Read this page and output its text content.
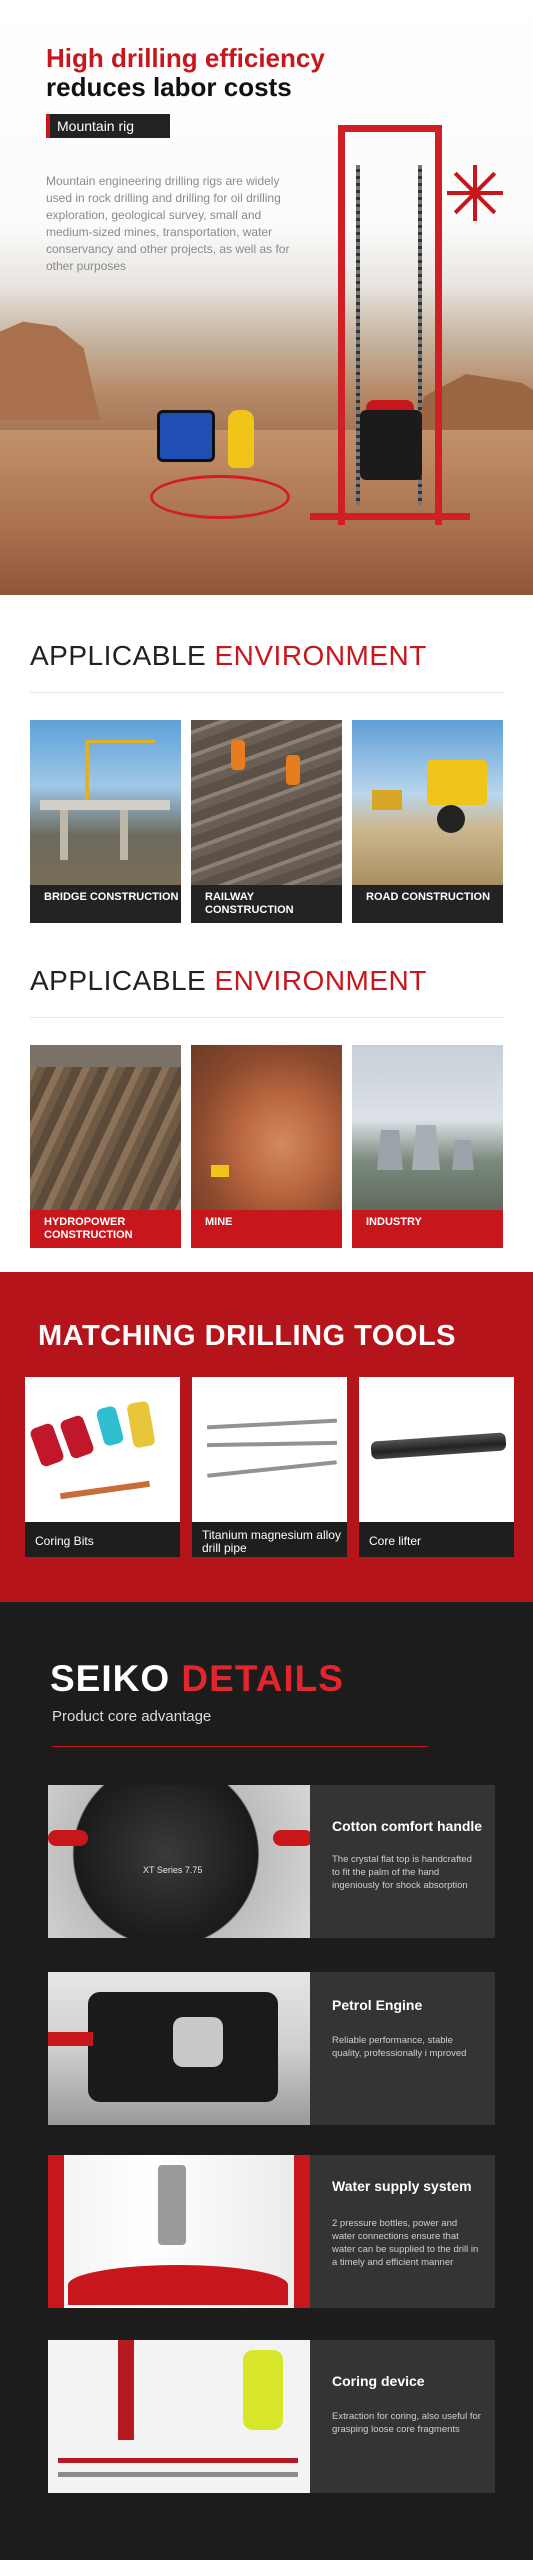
High drilling efficiency
reduces labor costs
Mountain rig

Mountain engineering drilling rigs are widely used in rock drilling and drilling for oil drilling exploration, geological survey, small and medium-sized mines, transportation, water conservancy and other projects, as well as for other purposes

APPLICABLE ENVIRONMENT
BRIDGE CONSTRUCTION	RAILWAY CONSTRUCTION
ROAD CONSTRUCTION
APPLICABLE ENVIRONMENT
HYDROPOWER CONSTRUCTION
MINE	INDUSTRY
MATCHING DRILLING TOOLS
Coring Bits	Titanium magnesium alloy drill pipe	Core lifter
SEIKO DETAILS
Product core advantage
XT Series 7.75
Cotton comfort handle
The crystal flat top is handcrafted to fit the palm of the hand ingeniously for shock absorption
Petrol Engine
Reliable performance, stable quality, professionally i mproved
Water supply system
2 pressure bottles, power and water connections ensure that water can be supplied to the drill in a timely and efficient manner
Coring device
Extraction for coring, also useful for grasping loose core fragments
